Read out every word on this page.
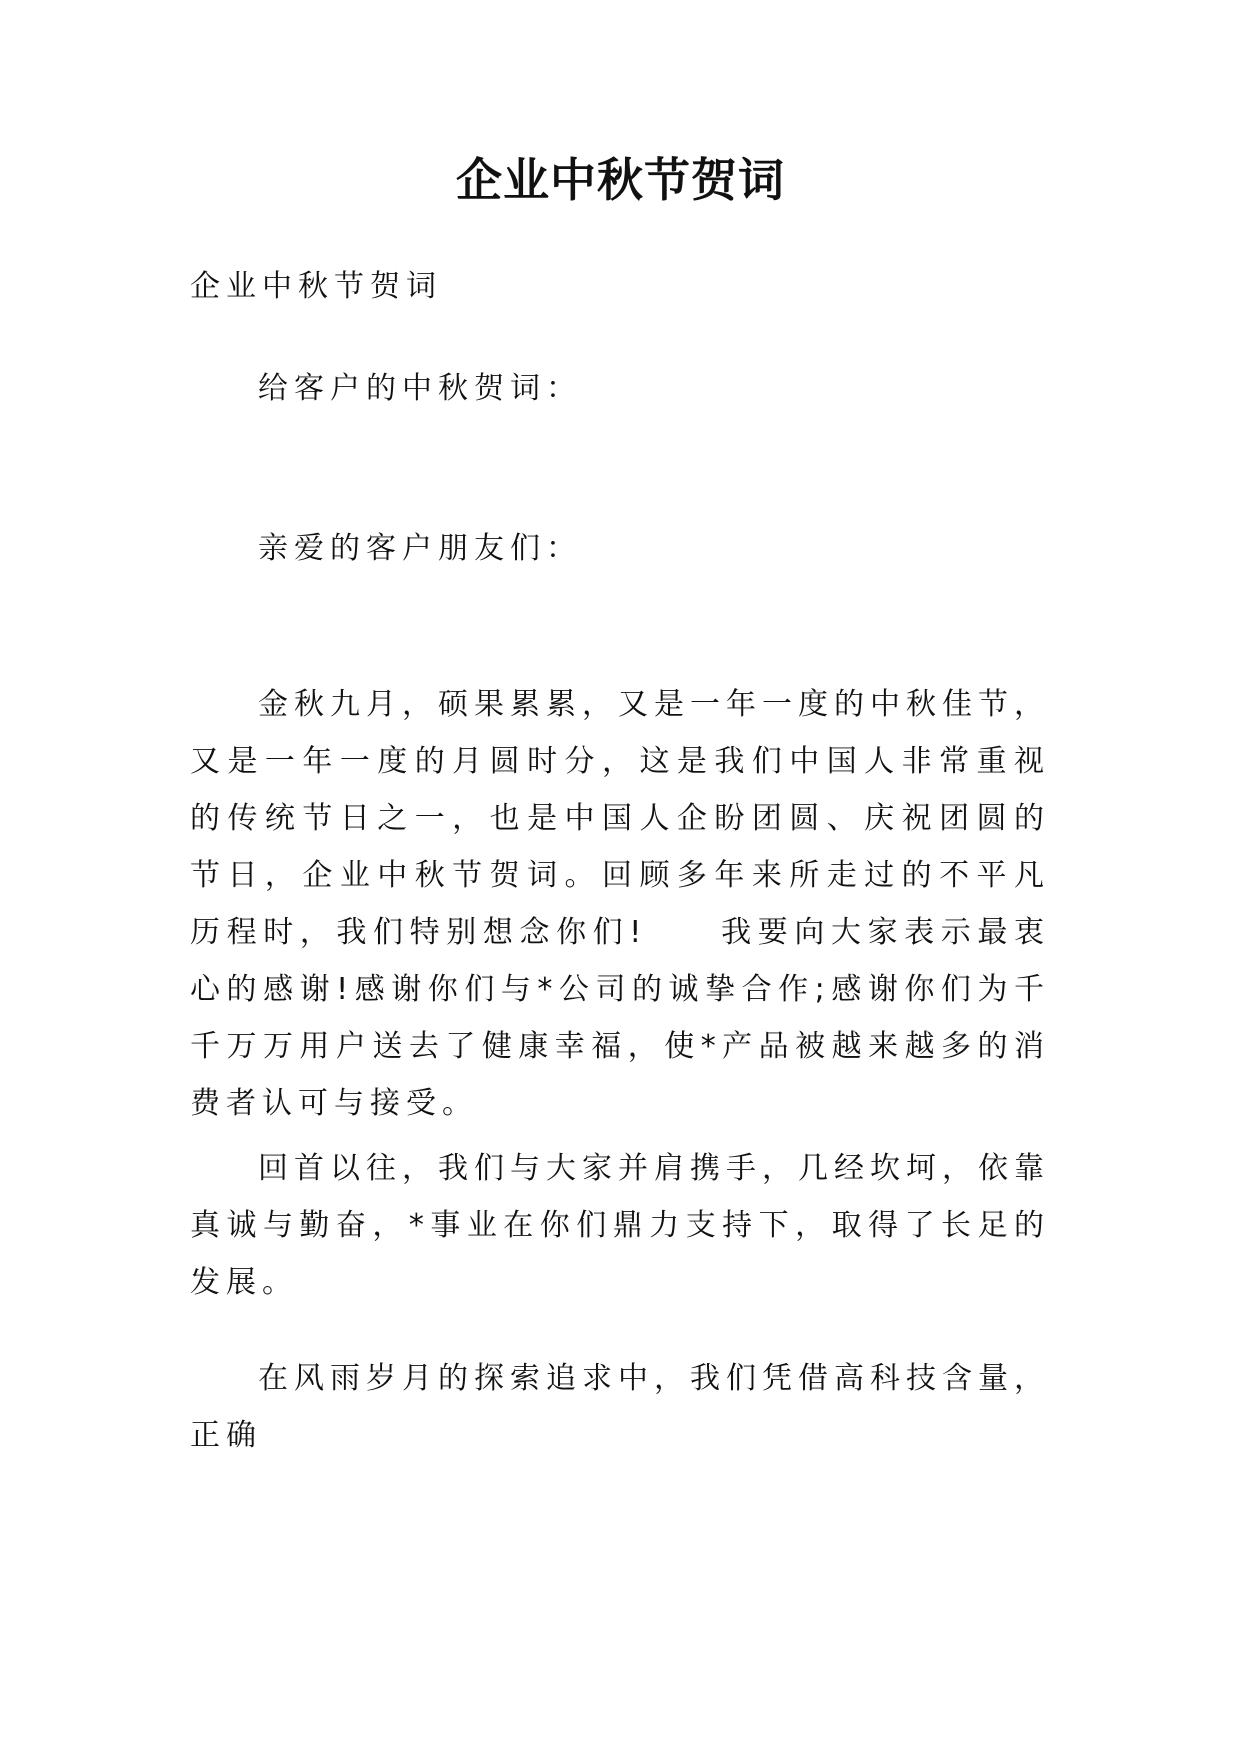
企业中秋节贺词

企业中秋节贺词

给客户的中秋贺词：

亲爱的客户朋友们：

金秋九月，硕果累累，又是一年一度的中秋佳节，又是一年一度的月圆时分，这是我们中国人非常重视的传统节日之一，也是中国人企盼团圆、庆祝团圆的节日，企业中秋节贺词。回顾多年来所走过的不平凡历程时，我们特别想念你们!　　我要向大家表示最衷心的感谢!感谢你们与*公司的诚挚合作;感谢你们为千千万万用户送去了健康幸福，使*产品被越来越多的消费者认可与接受。

回首以往，我们与大家并肩携手，几经坎坷，依靠真诚与勤奋，*事业在你们鼎力支持下，取得了长足的发展。

在风雨岁月的探索追求中，我们凭借高科技含量，正确
